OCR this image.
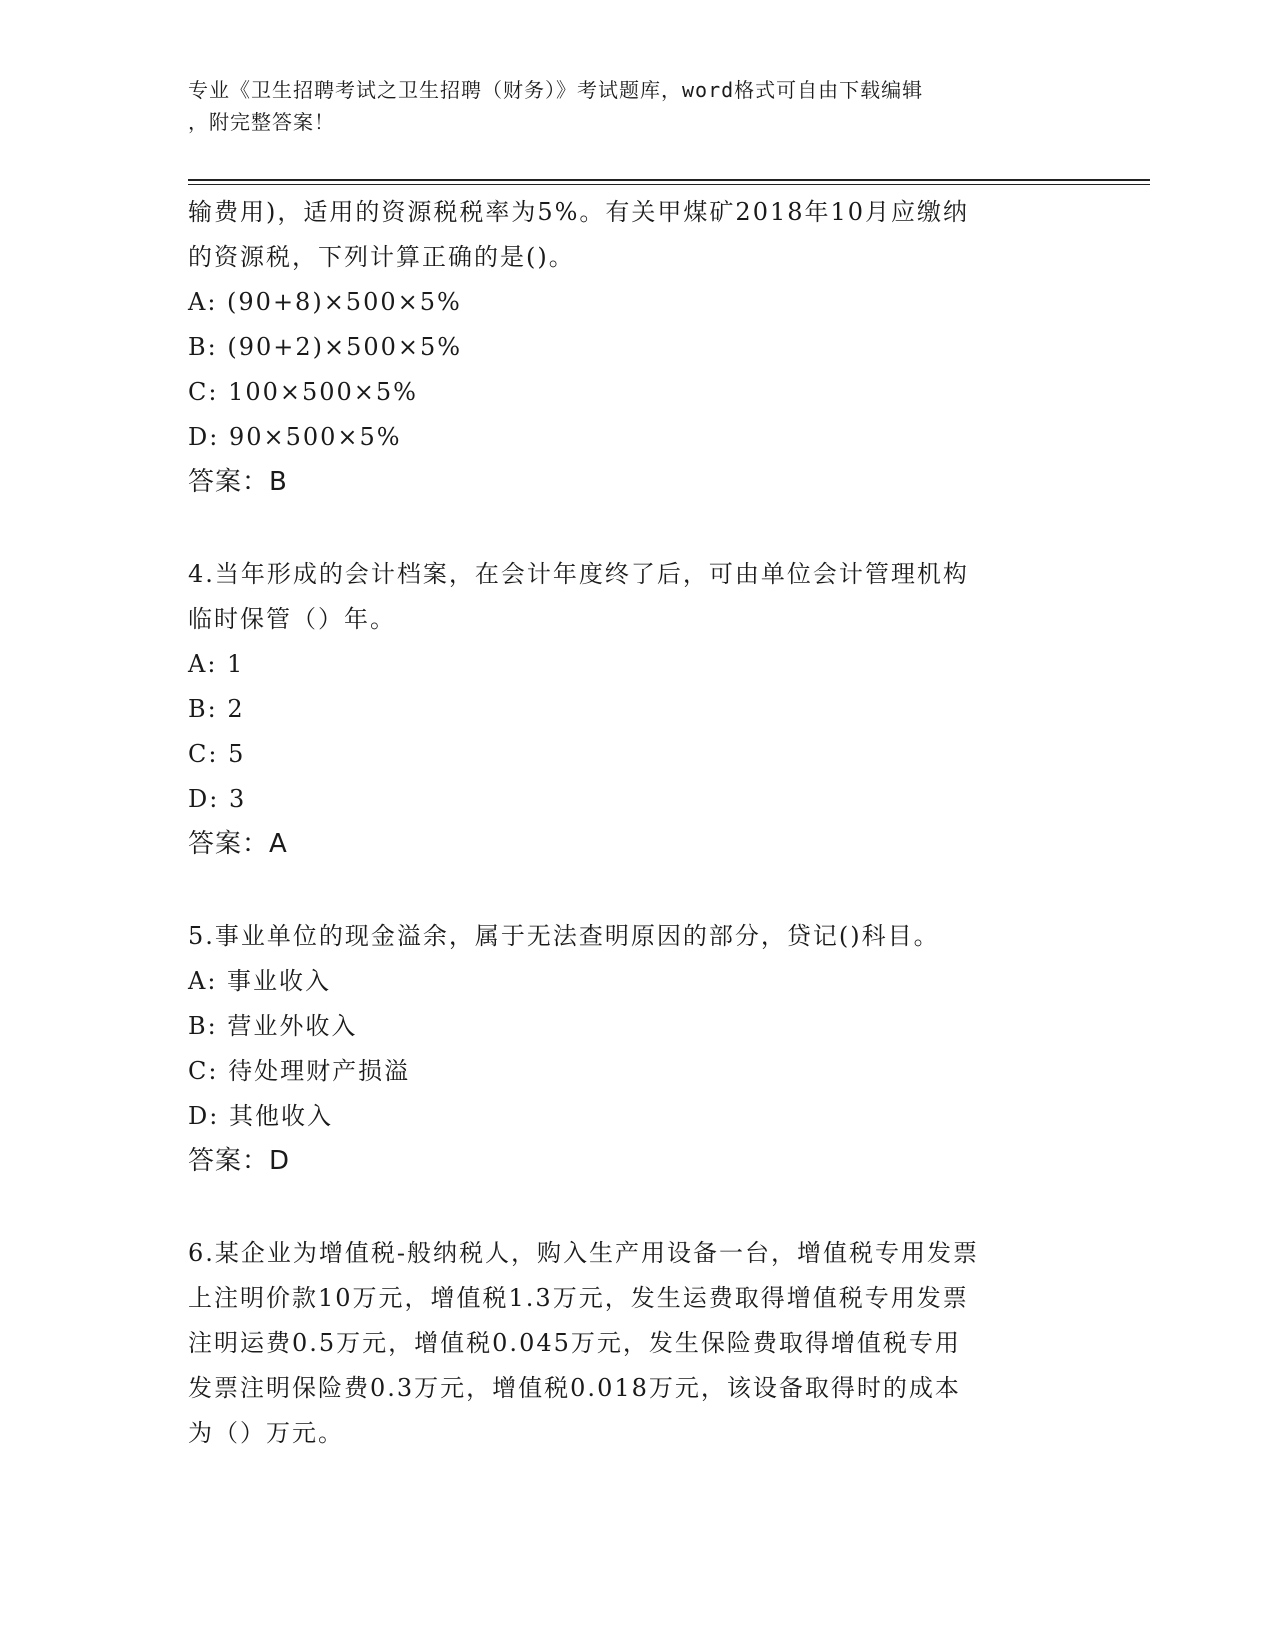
专业《卫生招聘考试之卫生招聘（财务）》考试题库，word格式可自由下载编辑
，附完整答案！
输费用)，适用的资源税税率为5%。有关甲煤矿2018年10月应缴纳
的资源税，下列计算正确的是()。
A: (90+8)×500×5%
B: (90+2)×500×5%
C: 100×500×5%
D: 90×500×5%
答案：B
4.当年形成的会计档案，在会计年度终了后，可由单位会计管理机构
临时保管（）年。
A: 1
B: 2
C: 5
D: 3
答案：A
5.事业单位的现金溢余，属于无法查明原因的部分，贷记()科目。
A: 事业收入
B: 营业外收入
C: 待处理财产损溢
D: 其他收入
答案：D
6.某企业为增值税-般纳税人，购入生产用设备一台，增值税专用发票
上注明价款10万元，增值税1.3万元，发生运费取得增值税专用发票
注明运费0.5万元，增值税0.045万元，发生保险费取得增值税专用
发票注明保险费0.3万元，增值税0.018万元，该设备取得时的成本
为（）万元。
